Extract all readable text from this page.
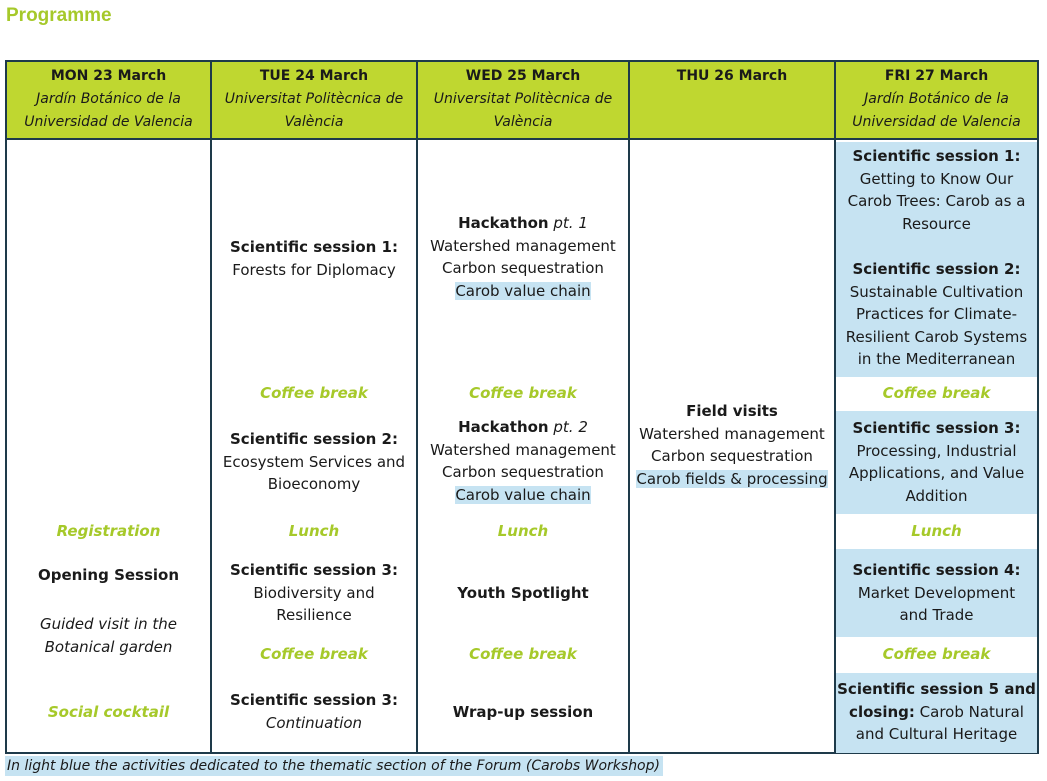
Programme
MON 23 March
Jardín Botánico de la
Universidad de Valencia
TUE 24 March
Universitat Politècnica de
València
WED 25 March
Universitat Politècnica de
València
THU 26 March	FRI 27 March
Jardín Botánico de la
Universidad de Valencia
Registration
Opening Session
Guided visit in the
Botanical garden
Social cocktail
Scientific session 1:
Forests for Diplomacy
Coffee break
Scientific session 2:
Ecosystem Services and
Bioeconomy
Lunch
Scientific session 3:
Biodiversity and
Resilience
Coffee break
Scientific session 3:
Continuation
Hackathon pt. 1
Watershed management
Carbon sequestration
Carob value chain
Coffee break
Hackathon pt. 2
Watershed management
Carbon sequestration
Carob value chain
Lunch
Youth Spotlight
Coffee break
Wrap-up session
Field visits
Watershed management
Carbon sequestration
Carob fields & processing
Scientific session 1:
Getting to Know Our
Carob Trees: Carob as a
Resource
Scientific session 2:
Sustainable Cultivation
Practices for Climate-
Resilient Carob Systems
in the Mediterranean
Coffee break
Scientific session 3:
Processing, Industrial
Applications, and Value
Addition
Lunch
Scientific session 4:
Market Development
and Trade
Coffee break
Scientific session 5 and
closing: Carob Natural
and Cultural Heritage
In light blue the activities dedicated to the thematic section of the Forum (Carobs Workshop)
